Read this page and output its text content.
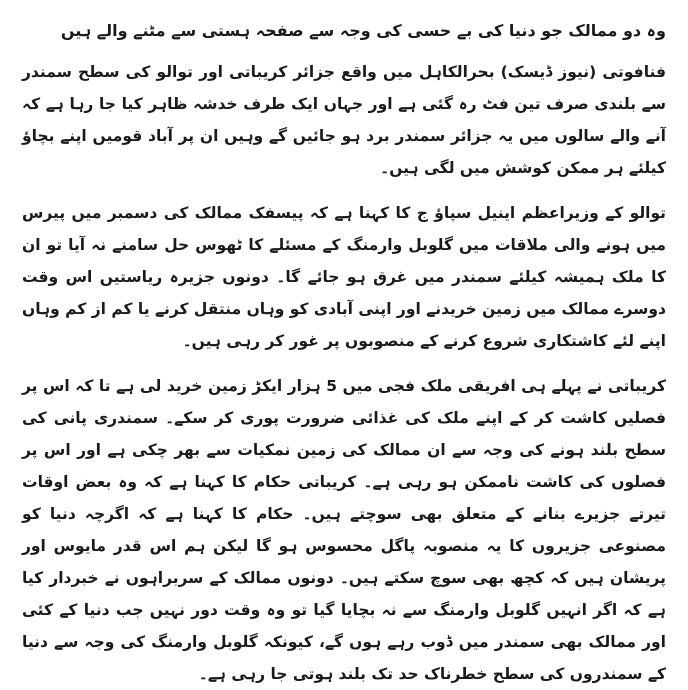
وہ دو ممالک جو دنیا کی بے حسی کی وجہ سے صفحہ ہستی سے مٹنے والے ہیں

فنافوتی (نیوز ڈیسک) بحرالکاہل میں واقع جزائر کریباتی اور توالو کی سطح سمندر سے بلندی صرف تین فٹ رہ گئی ہے اور جہاں ایک طرف خدشہ ظاہر کیا جا رہا ہے کہ آنے والے سالوں میں یہ جزائر سمندر برد ہو جائیں گے وہیں ان پر آباد قومیں اپنے بچاؤ کیلئے ہر ممکن کوشش میں لگی ہیں۔

توالو کے وزیراعظم اینیل سپاؤ ج کا کہنا ہے کہ پیسفک ممالک کی دسمبر میں پیرس میں ہونے والی ملاقات میں گلوبل وارمنگ کے مسئلے کا ٹھوس حل سامنے نہ آیا تو ان کا ملک ہمیشہ کیلئے سمندر میں غرق ہو جائے گا۔ دونوں جزیرہ ریاستیں اس وقت دوسرے ممالک میں زمین خریدنے اور اپنی آبادی کو وہاں منتقل کرنے یا کم از کم وہاں اپنے لئے کاشتکاری شروع کرنے کے منصوبوں پر غور کر رہی ہیں۔

کریباتی نے پہلے ہی افریقی ملک فجی میں 5 ہزار ایکڑ زمین خرید لی ہے تا کہ اس پر فصلیں کاشت کر کے اپنے ملک کی غذائی ضرورت پوری کر سکے۔ سمندری پانی کی سطح بلند ہونے کی وجہ سے ان ممالک کی زمین نمکیات سے بھر چکی ہے اور اس پر فصلوں کی کاشت ناممکن ہو رہی ہے۔ کریباتی حکام کا کہنا ہے کہ وہ بعض اوقات تیرتے جزیرے بنانے کے متعلق بھی سوچتے ہیں۔ حکام کا کہنا ہے کہ اگرچہ دنیا کو مصنوعی جزیروں کا یہ منصوبہ پاگل محسوس ہو گا لیکن ہم اس قدر مایوس اور پریشان ہیں کہ کچھ بھی سوچ سکتے ہیں۔ دونوں ممالک کے سربراہوں نے خبردار کیا ہے کہ اگر انہیں گلوبل وارمنگ سے نہ بچایا گیا تو وہ وقت دور نہیں جب دنیا کے کئی اور ممالک بھی سمندر میں ڈوب رہے ہوں گے، کیونکہ گلوبل وارمنگ کی وجہ سے دنیا کے سمندروں کی سطح خطرناک حد تک بلند ہوتی جا رہی ہے۔
